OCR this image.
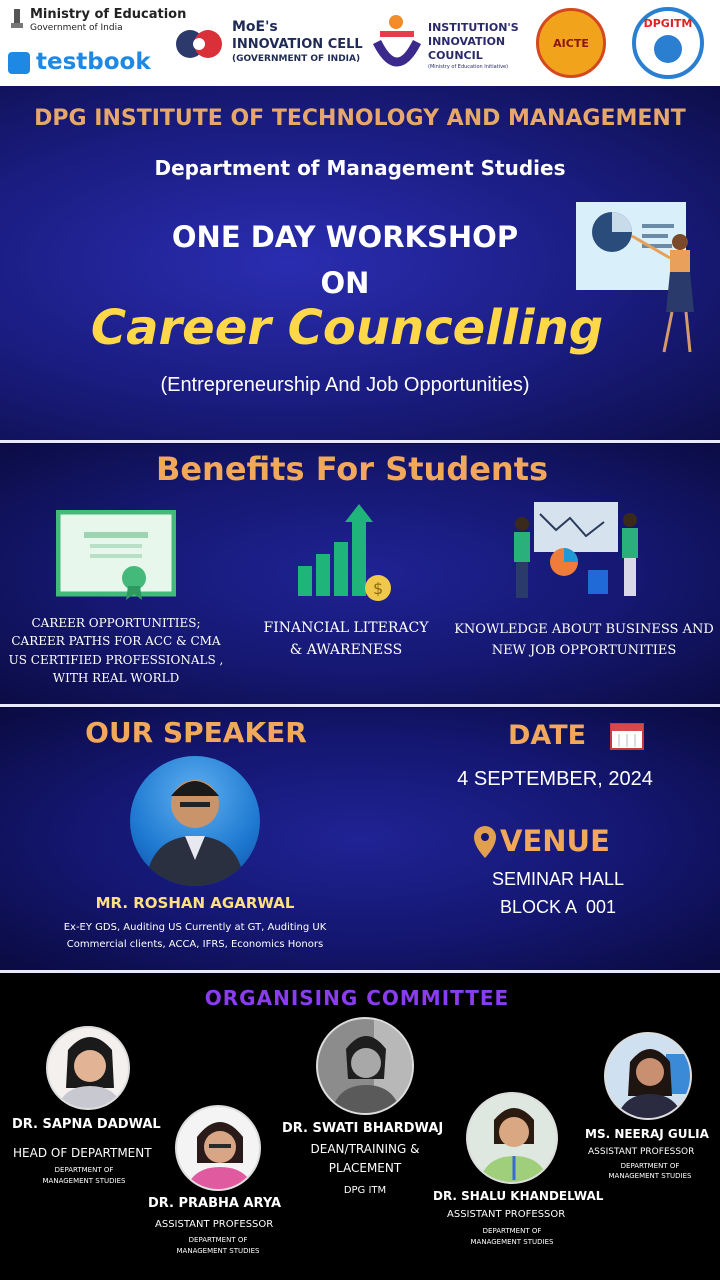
Ministry of Education
Government of India
testbook
MoE's
INNOVATION CELL
(GOVERNMENT OF INDIA)
INSTITUTION'S
INNOVATION
COUNCIL
(Ministry of Education Initiative)
AICTE
DPGITM
DPG INSTITUTE OF TECHNOLOGY AND MANAGEMENT
Department of Management Studies
ONE DAY WORKSHOP
ON
Career Councelling
(Entrepreneurship And Job Opportunities)
Benefits For Students
$
CAREER OPPORTUNITIES;
CAREER PATHS FOR ACC & CMA
US CERTIFIED PROFESSIONALS ,
WITH REAL WORLD
FINANCIAL LITERACY
& AWARENESS
KNOWLEDGE ABOUT BUSINESS AND
NEW JOB OPPORTUNITIES
OUR SPEAKER
MR. ROSHAN AGARWAL
Ex-EY GDS, Auditing US Currently at GT, Auditing UK
Commercial clients, ACCA, IFRS, Economics Honors
DATE
4 SEPTEMBER, 2024
VENUE
SEMINAR HALL
BLOCK A  001
ORGANISING COMMITTEE
DR. SAPNA DADWAL
HEAD OF DEPARTMENT
DEPARTMENT OF
MANAGEMENT STUDIES
DR. PRABHA ARYA
ASSISTANT PROFESSOR
DEPARTMENT OF
MANAGEMENT STUDIES
DR. SWATI BHARDWAJ
DEAN/TRAINING &
PLACEMENT
DPG ITM	DR. SHALU KHANDELWAL
ASSISTANT PROFESSOR
DEPARTMENT OF
MANAGEMENT STUDIES
MS. NEERAJ GULIA
ASSISTANT PROFESSOR
DEPARTMENT OF
MANAGEMENT STUDIES
